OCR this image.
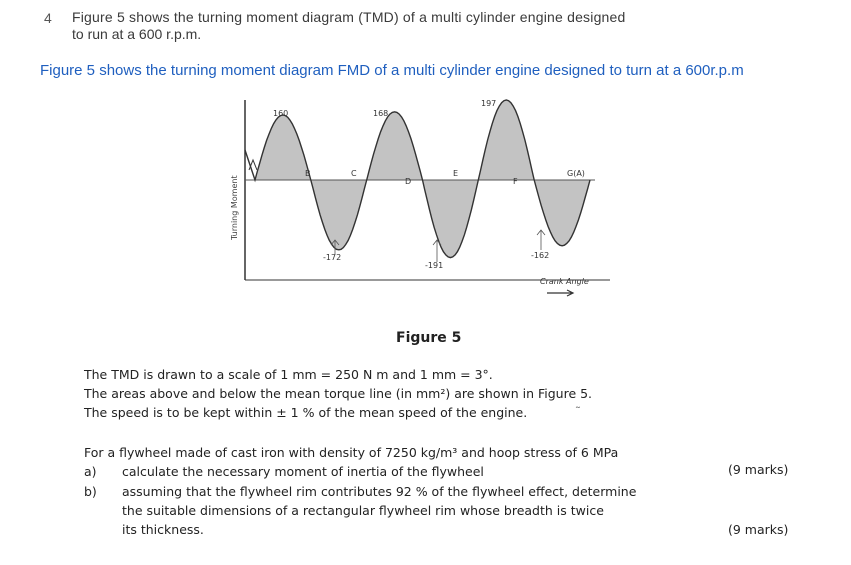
4 Figure 5 shows the turning moment diagram (TMD) of a multi cylinder engine designed
to run at a 600 r.p.m.
Figure 5 shows the turning moment diagram FMD of a multi cylinder engine designed to turn at a 600r.p.m
Turning Moment
160	168
197
-172
-191
-162
B	C
D
E
F
G(A)
Crank Angle
Figure 5
The TMD is drawn to a scale of 1 mm = 250 N m and 1 mm = 3°.
The areas above and below the mean torque line (in mm²) are shown in Figure 5.
The speed is to be kept within ± 1 % of the mean speed of the engine.	˜
For a flywheel made of cast iron with density of 7250 kg/m³ and hoop stress of 6 MPa
a) calculate the necessary moment of inertia of the flywheel
b) assuming that the flywheel rim contributes 92 % of the flywheel effect, determine
the suitable dimensions of a rectangular flywheel rim whose breadth is twice
its thickness.
(9 marks)
(9 marks)
